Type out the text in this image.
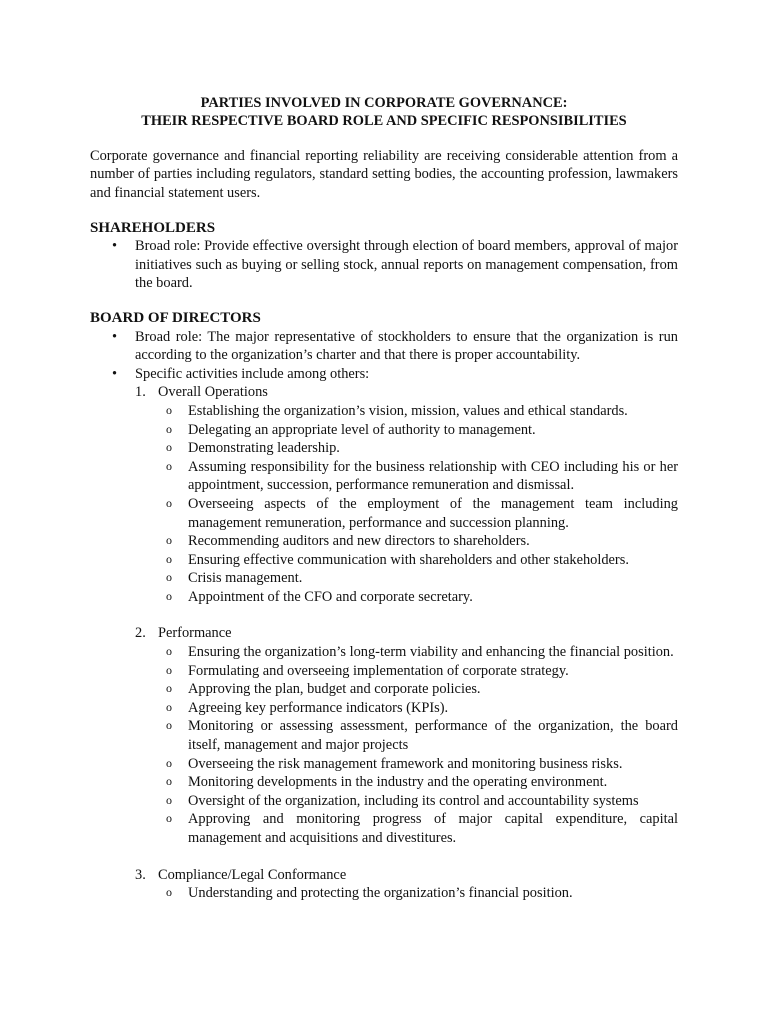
PARTIES INVOLVED IN CORPORATE GOVERNANCE:
THEIR RESPECTIVE BOARD ROLE AND SPECIFIC RESPONSIBILITIES

Corporate governance and financial reporting reliability are receiving considerable attention from a number of parties including regulators, standard setting bodies, the accounting profession, lawmakers and financial statement users.

SHAREHOLDERS
• Broad role: Provide effective oversight through election of board members, approval of major initiatives such as buying or selling stock, annual reports on management compensation, from the board.
BOARD OF DIRECTORS
• Broad role: The major representative of stockholders to ensure that the organization is run according to the organization’s charter and that there is proper accountability.
• Specific activities include among others:
1. Overall Operations
o Establishing the organization’s vision, mission, values and ethical standards.
o Delegating an appropriate level of authority to management.
o Demonstrating leadership.
o Assuming responsibility for the business relationship with CEO including his or her appointment, succession, performance remuneration and dismissal.
o Overseeing aspects of the employment of the management team including management remuneration, performance and succession planning.
o Recommending auditors and new directors to shareholders.
o Ensuring effective communication with shareholders and other stakeholders.
o Crisis management.
o Appointment of the CFO and corporate secretary.
2. Performance
o Ensuring the organization’s long-term viability and enhancing the financial position.
o Formulating and overseeing implementation of corporate strategy.
o Approving the plan, budget and corporate policies.
o Agreeing key performance indicators (KPIs).
o Monitoring or assessing assessment, performance of the organization, the board itself, management and major projects
o Overseeing the risk management framework and monitoring business risks.
o Monitoring developments in the industry and the operating environment.
o Oversight of the organization, including its control and accountability systems
o Approving and monitoring progress of major capital expenditure, capital management and acquisitions and divestitures.
3. Compliance/Legal Conformance
o Understanding and protecting the organization’s financial position.
